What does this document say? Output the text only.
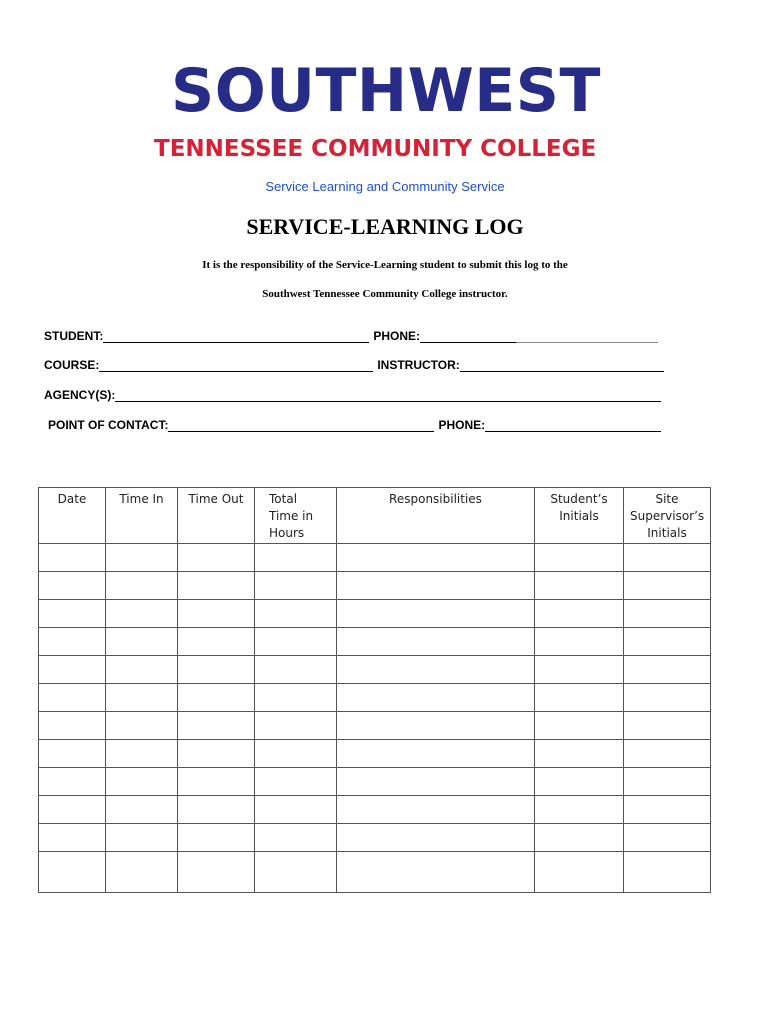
SOUTHWEST
TENNESSEE COMMUNITY COLLEGE
Service Learning and Community Service
SERVICE-LEARNING LOG
It is the responsibility of the Service-Learning student to submit this log to the
Southwest Tennessee Community College instructor.
STUDENT:	PHONE:
COURSE:	INSTRUCTOR:
AGENCY(S):
POINT OF CONTACT:	PHONE:
Date	Time In	Time Out	Total Time in Hours	Responsibilities	Student’s Initials	Site Supervisor’s Initials
